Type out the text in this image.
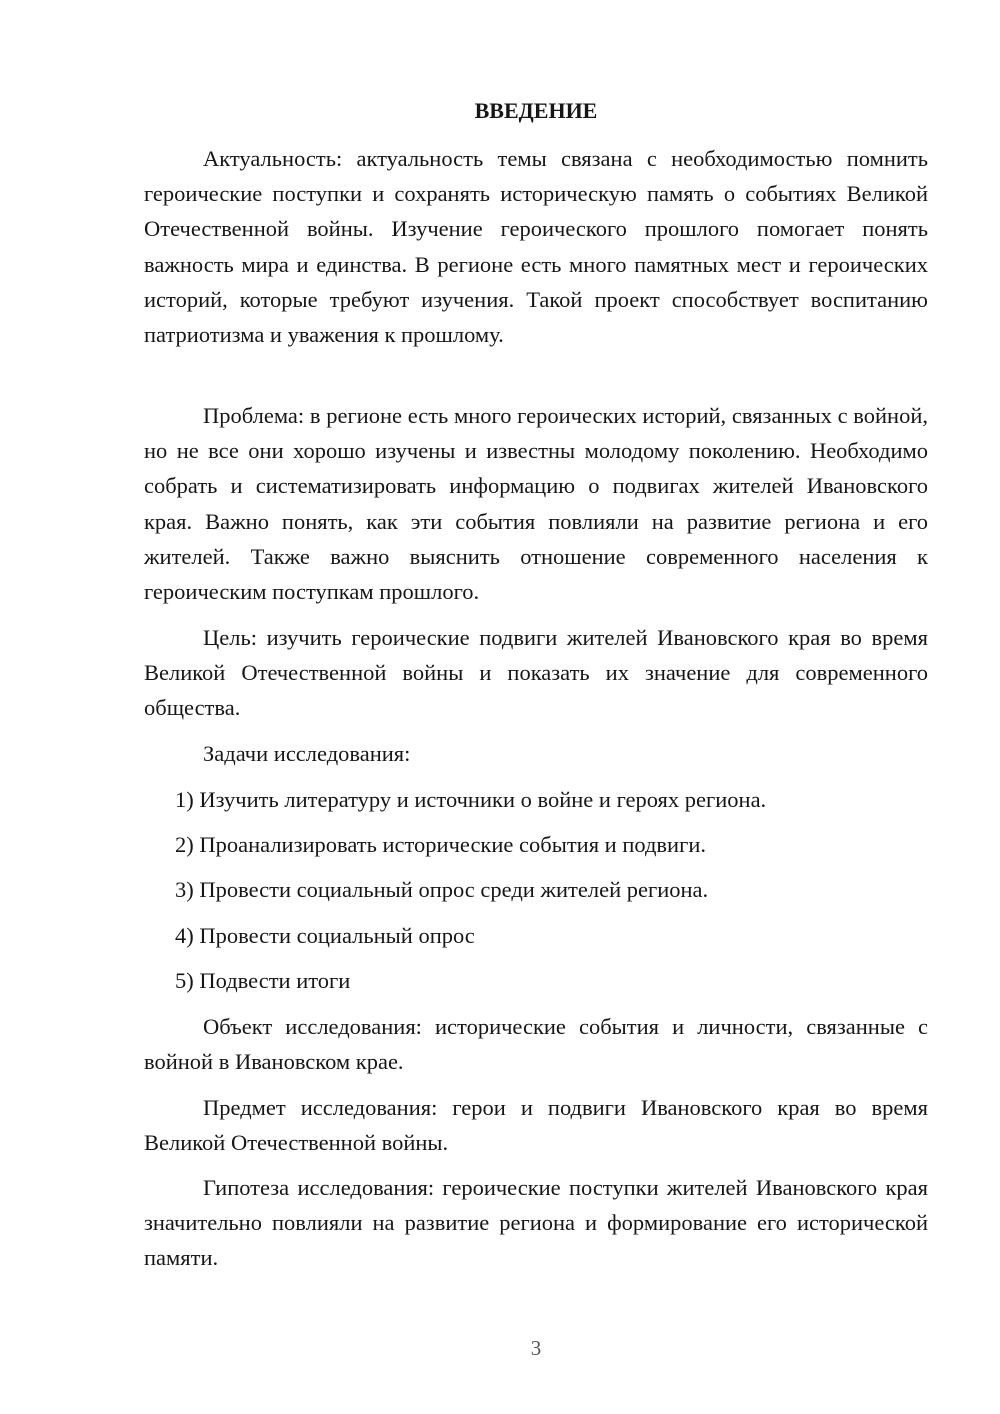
ВВЕДЕНИЕ

Актуальность: актуальность темы связана с необходимостью помнить героические поступки и сохранять историческую память о событиях Великой Отечественной войны. Изучение героического прошлого помогает понять важность мира и единства. В регионе есть много памятных мест и героических историй, которые требуют изучения. Такой проект способствует воспитанию патриотизма и уважения к прошлому.

Проблема: в регионе есть много героических историй, связанных с войной, но не все они хорошо изучены и известны молодому поколению. Необходимо собрать и систематизировать информацию о подвигах жителей Ивановского края. Важно понять, как эти события повлияли на развитие региона и его жителей. Также важно выяснить отношение современного населения к героическим поступкам прошлого.

Цель: изучить героические подвиги жителей Ивановского края во время Великой Отечественной войны и показать их значение для современного общества.

Задачи исследования:

1) Изучить литературу и источники о войне и героях региона.

2) Проанализировать исторические события и подвиги.

3) Провести социальный опрос среди жителей региона.

4) Провести социальный опрос

5) Подвести итоги

Объект исследования: исторические события и личности, связанные с войной в Ивановском крае.

Предмет исследования: герои и подвиги Ивановского края во время Великой Отечественной войны.

Гипотеза исследования: героические поступки жителей Ивановского края значительно повлияли на развитие региона и формирование его исторической памяти.

3
